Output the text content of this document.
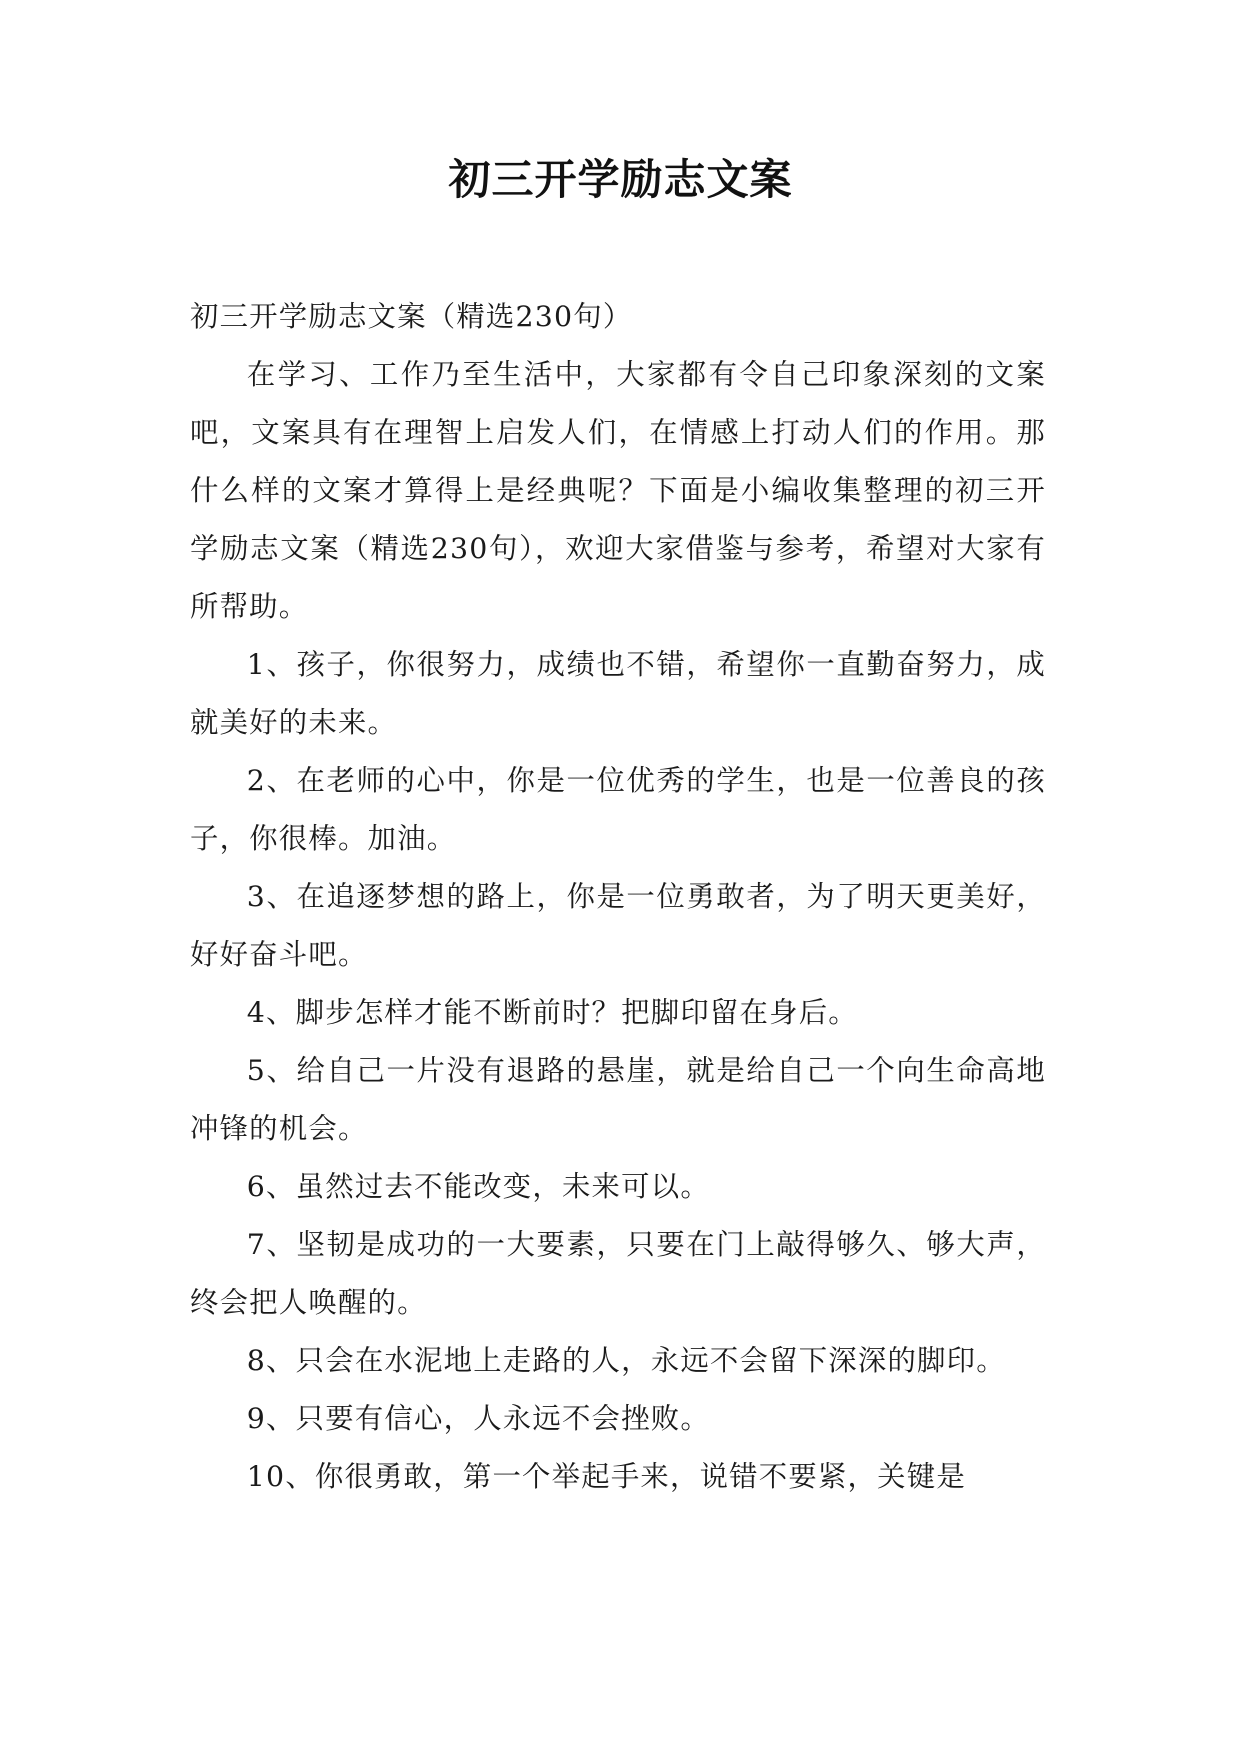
初三开学励志文案

初三开学励志文案（精选230句）

在学习、工作乃至生活中，大家都有令自己印象深刻的文案吧，文案具有在理智上启发人们，在情感上打动人们的作用。那什么样的文案才算得上是经典呢？下面是小编收集整理的初三开学励志文案（精选230句），欢迎大家借鉴与参考，希望对大家有所帮助。

1、孩子，你很努力，成绩也不错，希望你一直勤奋努力，成就美好的未来。

2、在老师的心中，你是一位优秀的学生，也是一位善良的孩子，你很棒。加油。

3、在追逐梦想的路上，你是一位勇敢者，为了明天更美好，好好奋斗吧。

4、脚步怎样才能不断前时？把脚印留在身后。

5、给自己一片没有退路的悬崖，就是给自己一个向生命高地冲锋的机会。

6、虽然过去不能改变，未来可以。

7、坚韧是成功的一大要素，只要在门上敲得够久、够大声，终会把人唤醒的。

8、只会在水泥地上走路的人，永远不会留下深深的脚印。

9、只要有信心，人永远不会挫败。

10、你很勇敢，第一个举起手来，说错不要紧，关键是
